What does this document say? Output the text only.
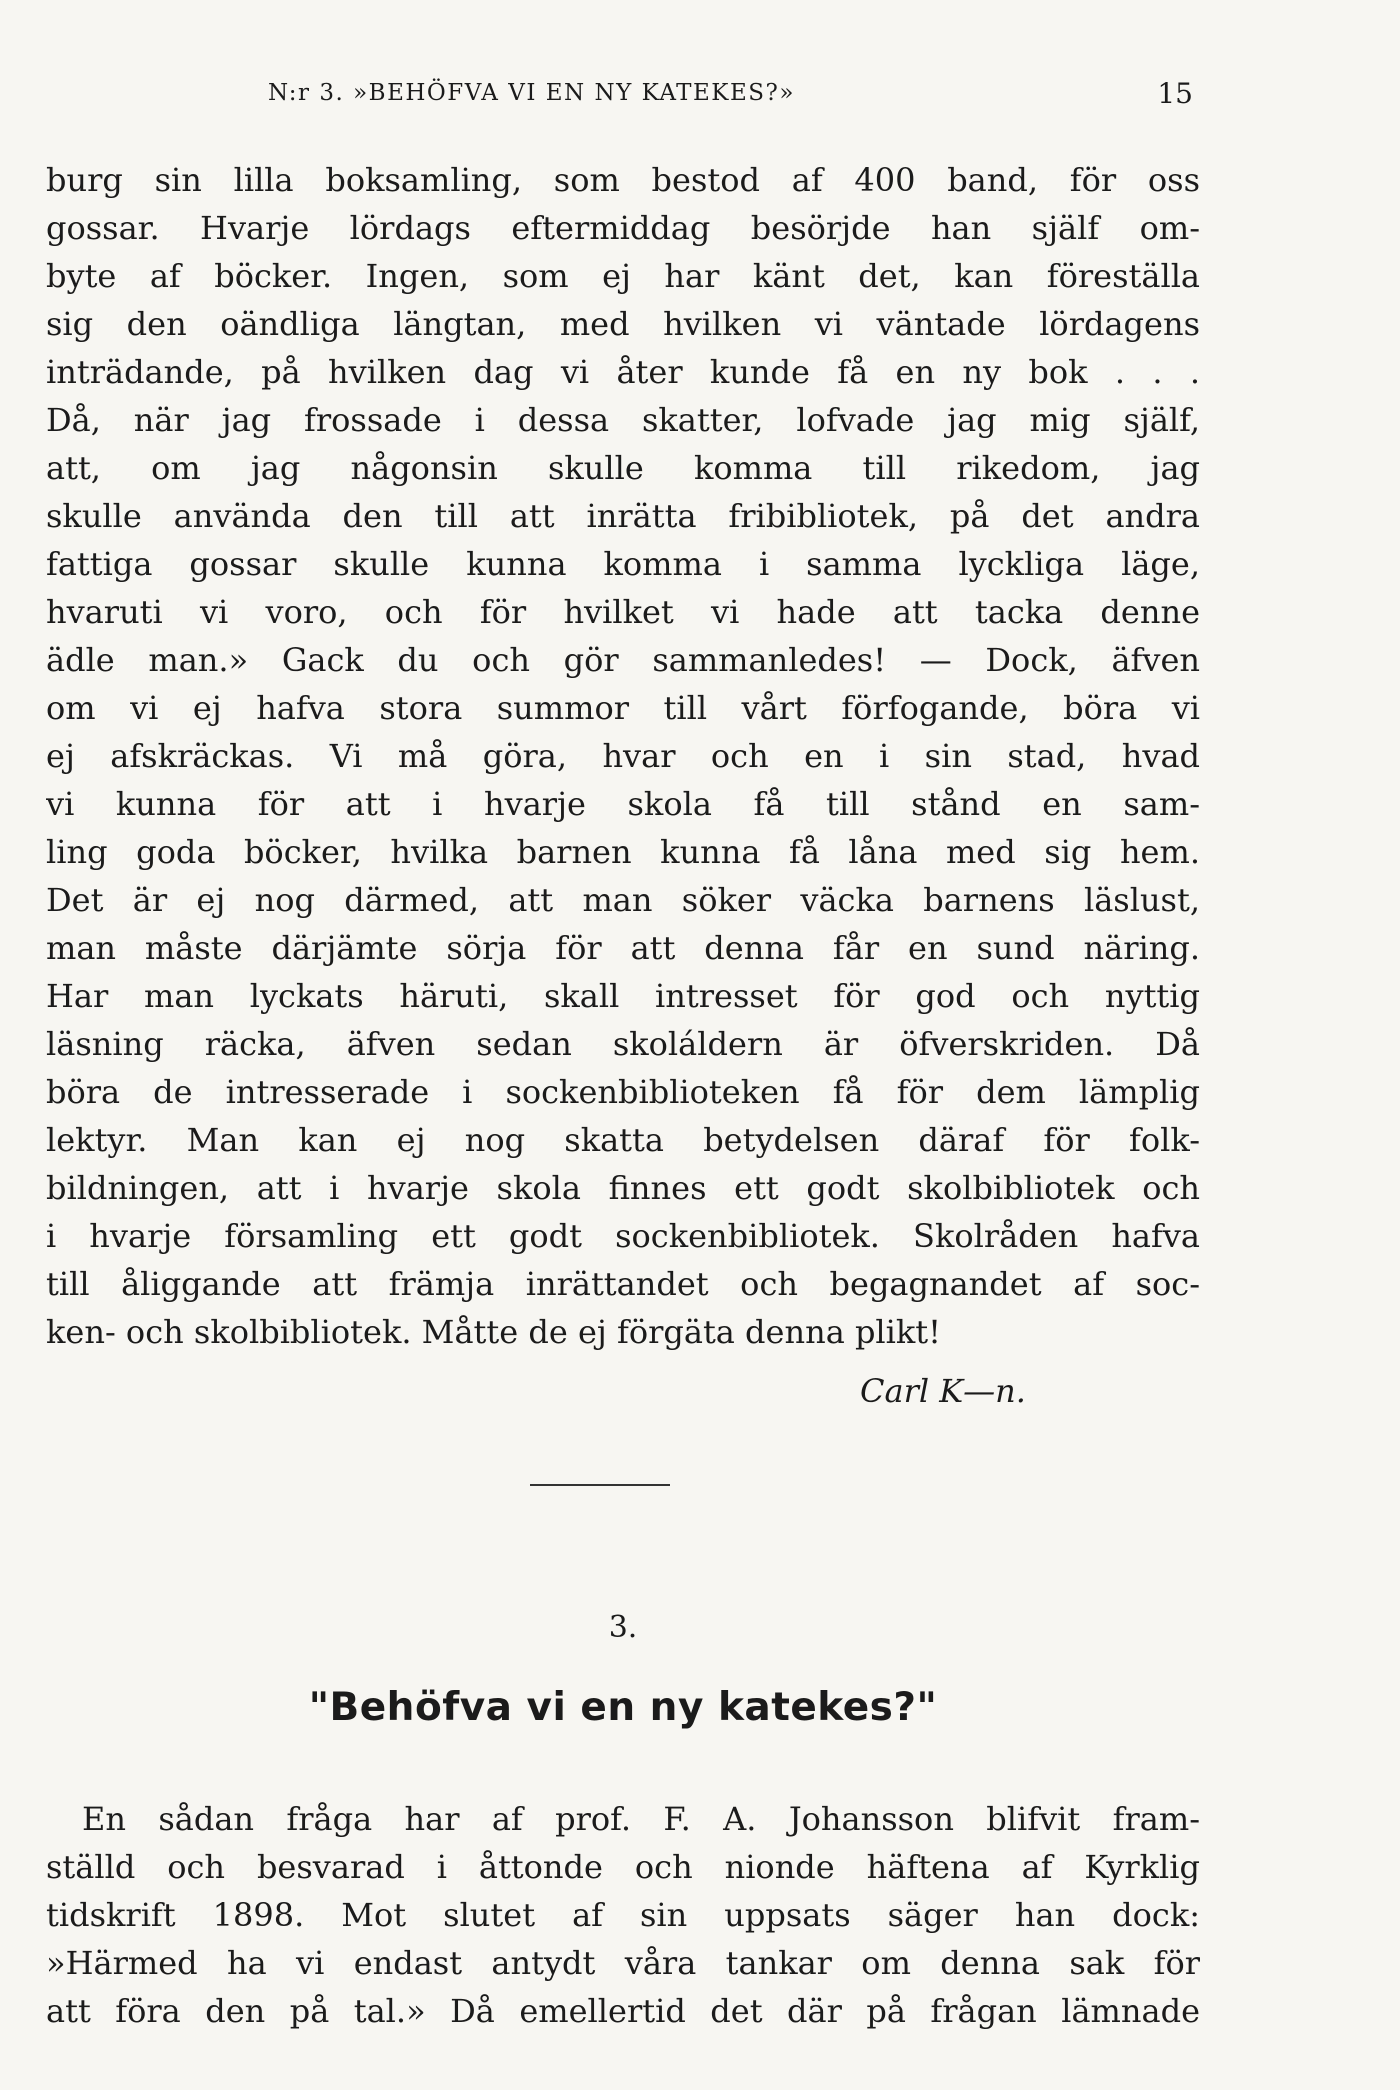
N:r 3. »BEHÖFVA VI EN NY KATEKES?»	15
burg sin lilla boksamling, som bestod af 400 band, för oss
gossar. Hvarje lördags eftermiddag besörjde han själf om-
byte af böcker. Ingen, som ej har känt det, kan föreställa
sig den oändliga längtan, med hvilken vi väntade lördagens
inträdande, på hvilken dag vi åter kunde få en ny bok . . .
Då, när jag frossade i dessa skatter, lofvade jag mig själf,
att, om jag någonsin skulle komma till rikedom, jag
skulle använda den till att inrätta fribibliotek, på det andra
fattiga gossar skulle kunna komma i samma lyckliga läge,
hvaruti vi voro, och för hvilket vi hade att tacka denne
ädle man.» Gack du och gör sammanledes! — Dock, äfven
om vi ej hafva stora summor till vårt förfogande, böra vi
ej afskräckas. Vi må göra, hvar och en i sin stad, hvad
vi kunna för att i hvarje skola få till stånd en sam-
ling goda böcker, hvilka barnen kunna få låna med sig hem.
Det är ej nog därmed, att man söker väcka barnens läslust,
man måste därjämte sörja för att denna får en sund näring.
Har man lyckats häruti, skall intresset för god och nyttig
läsning räcka, äfven sedan skoláldern är öfverskriden. Då
böra de intresserade i sockenbiblioteken få för dem lämplig
lektyr. Man kan ej nog skatta betydelsen däraf för folk-
bildningen, att i hvarje skola finnes ett godt skolbibliotek och
i hvarje församling ett godt sockenbibliotek. Skolråden hafva
till åliggande att främja inrättandet och begagnandet af soc-
ken- och skolbibliotek. Måtte de ej förgäta denna plikt!
Carl K—n.
3.
"Behöfva vi en ny katekes?"
En sådan fråga har af prof. F. A. Johansson blifvit fram-
ställd och besvarad i åttonde och nionde häftena af Kyrklig
tidskrift 1898. Mot slutet af sin uppsats säger han dock:
»Härmed ha vi endast antydt våra tankar om denna sak för
att föra den på tal.» Då emellertid det där på frågan lämnade
